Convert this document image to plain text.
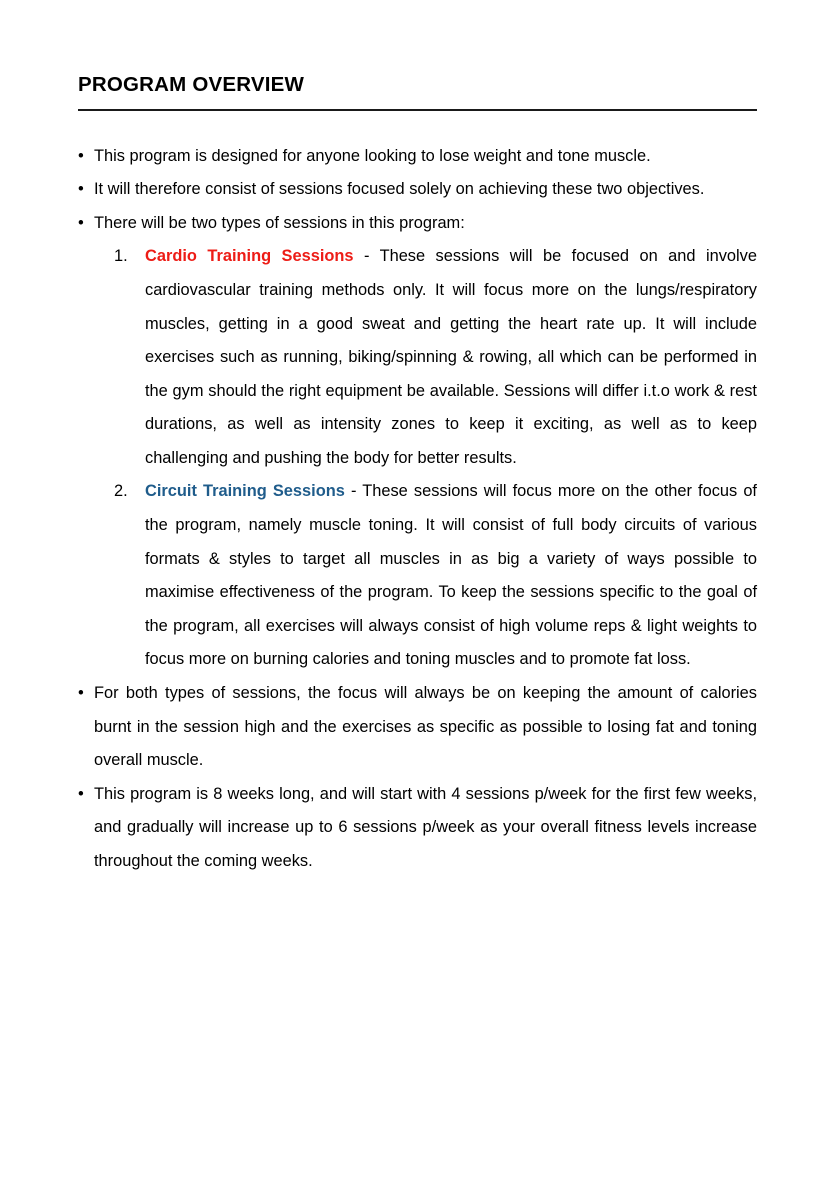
PROGRAM OVERVIEW
• This program is designed for anyone looking to lose weight and tone muscle.

• It will therefore consist of sessions focused solely on achieving these two objectives.

• There will be two types of sessions in this program:

1.	Cardio Training Sessions - These sessions will be focused on and involve cardiovascular training methods only. It will focus more on the lungs/respiratory muscles, getting in a good sweat and getting the heart rate up. It will include exercises such as running, biking/spinning & rowing, all which can be performed in the gym should the right equipment be available. Sessions will differ i.t.o work & rest durations, as well as intensity zones to keep it exciting, as well as to keep challenging and pushing the body for better results.

2.	Circuit Training Sessions - These sessions will focus more on the other focus of the program, namely muscle toning. It will consist of full body circuits of various formats & styles to target all muscles in as big a variety of ways possible to maximise effectiveness of the program. To keep the sessions specific to the goal of the program, all exercises will always consist of high volume reps & light weights to focus more on burning calories and toning muscles and to promote fat loss.

• For both types of sessions, the focus will always be on keeping the amount of calories burnt in the session high and the exercises as specific as possible to losing fat and toning overall muscle.

• This program is 8 weeks long, and will start with 4 sessions p/week for the first few weeks, and gradually will increase up to 6 sessions p/week as your overall fitness levels increase throughout the coming weeks.
